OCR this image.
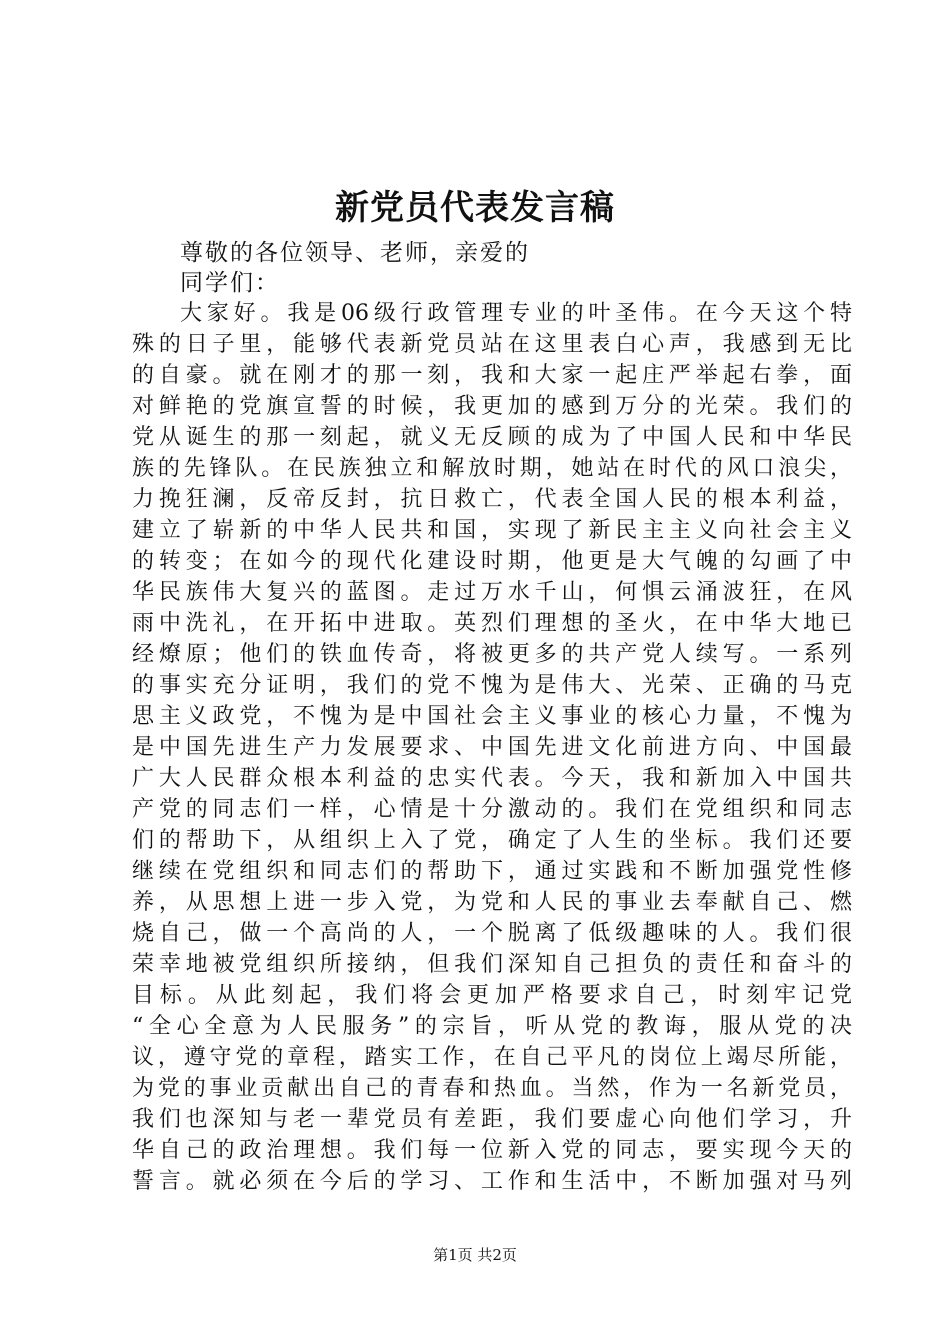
新党员代表发言稿
尊敬的各位领导、老师，亲爱的
同学们：
大家好。我是06级行政管理专业的叶圣伟。在今天这个特
殊的日子里，能够代表新党员站在这里表白心声，我感到无比
的自豪。就在刚才的那一刻，我和大家一起庄严举起右拳，面
对鲜艳的党旗宣誓的时候，我更加的感到万分的光荣。我们的
党从诞生的那一刻起，就义无反顾的成为了中国人民和中华民
族的先锋队。在民族独立和解放时期，她站在时代的风口浪尖，
力挽狂澜，反帝反封，抗日救亡，代表全国人民的根本利益，
建立了崭新的中华人民共和国，实现了新民主主义向社会主义
的转变；在如今的现代化建设时期，他更是大气魄的勾画了中
华民族伟大复兴的蓝图。走过万水千山，何惧云涌波狂，在风
雨中洗礼，在开拓中进取。英烈们理想的圣火，在中华大地已
经燎原；他们的铁血传奇，将被更多的共产党人续写。一系列
的事实充分证明，我们的党不愧为是伟大、光荣、正确的马克
思主义政党，不愧为是中国社会主义事业的核心力量，不愧为
是中国先进生产力发展要求、中国先进文化前进方向、中国最
广大人民群众根本利益的忠实代表。今天，我和新加入中国共
产党的同志们一样，心情是十分激动的。我们在党组织和同志
们的帮助下，从组织上入了党，确定了人生的坐标。我们还要
继续在党组织和同志们的帮助下，通过实践和不断加强党性修
养，从思想上进一步入党，为党和人民的事业去奉献自己、燃
烧自己，做一个高尚的人，一个脱离了低级趣味的人。我们很
荣幸地被党组织所接纳，但我们深知自己担负的责任和奋斗的
目标。从此刻起，我们将会更加严格要求自己，时刻牢记党
“全心全意为人民服务”的宗旨，听从党的教诲，服从党的决
议，遵守党的章程，踏实工作，在自己平凡的岗位上竭尽所能，
为党的事业贡献出自己的青春和热血。当然，作为一名新党员，
我们也深知与老一辈党员有差距，我们要虚心向他们学习，升
华自己的政治理想。我们每一位新入党的同志，要实现今天的
誓言。就必须在今后的学习、工作和生活中，不断加强对马列
第1页 共2页
